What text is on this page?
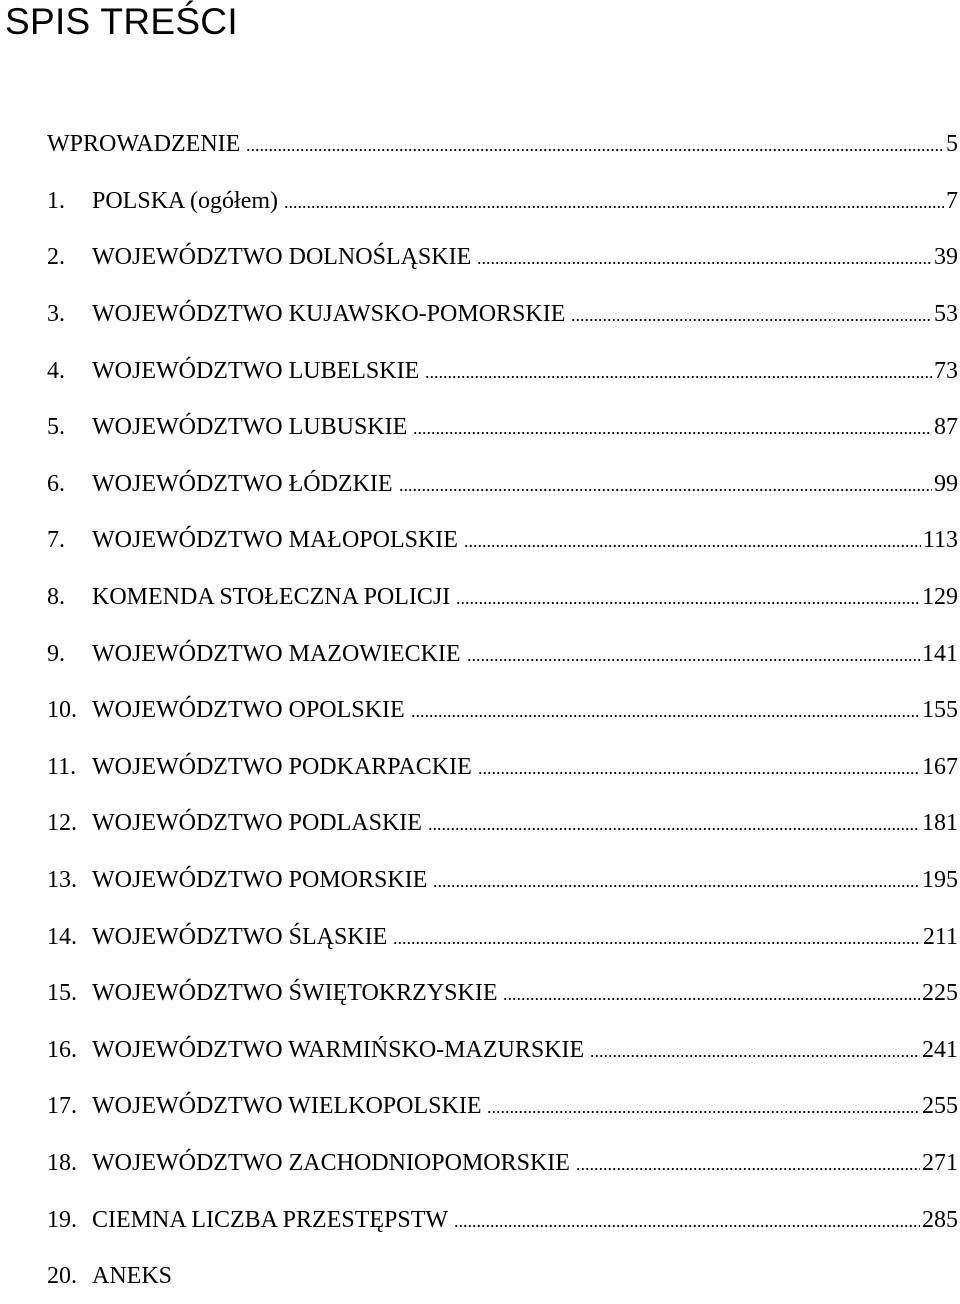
SPIS TREŚCI
WPROWADZENIE	5
1.	POLSKA (ogółem)	7
2.	WOJEWÓDZTWO DOLNOŚLĄSKIE	39
3.	WOJEWÓDZTWO KUJAWSKO-POMORSKIE	53
4.	WOJEWÓDZTWO LUBELSKIE	73
5.	WOJEWÓDZTWO LUBUSKIE	87
6.	WOJEWÓDZTWO ŁÓDZKIE	99
7.	WOJEWÓDZTWO MAŁOPOLSKIE	113
8.	KOMENDA STOŁECZNA POLICJI	129
9.	WOJEWÓDZTWO MAZOWIECKIE	141
10. WOJEWÓDZTWO OPOLSKIE	155
11. WOJEWÓDZTWO PODKARPACKIE	167
12. WOJEWÓDZTWO PODLASKIE	181
13. WOJEWÓDZTWO POMORSKIE	195
14. WOJEWÓDZTWO ŚLĄSKIE	211
15. WOJEWÓDZTWO ŚWIĘTOKRZYSKIE	225
16. WOJEWÓDZTWO WARMIŃSKO-MAZURSKIE	241
17. WOJEWÓDZTWO WIELKOPOLSKIE	255
18. WOJEWÓDZTWO ZACHODNIOPOMORSKIE	271
19. CIEMNA LICZBA PRZESTĘPSTW	285
20. ANEKS
